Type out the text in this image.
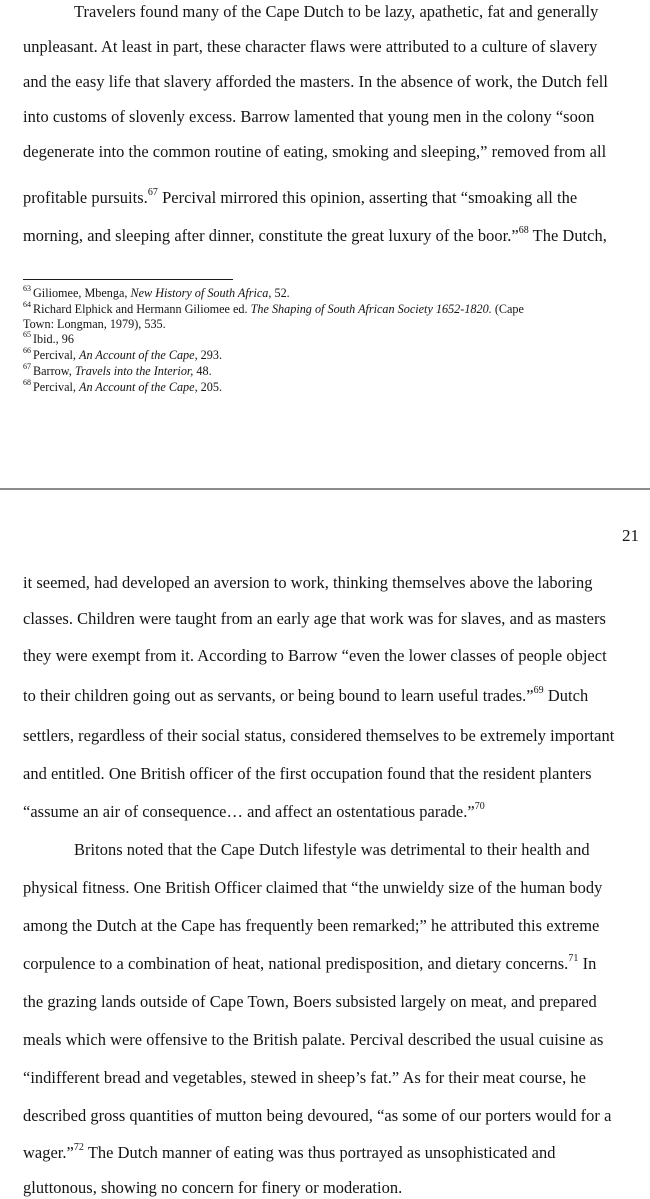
Travelers found many of the Cape Dutch to be lazy, apathetic, fat and generally
unpleasant. At least in part, these character flaws were attributed to a culture of slavery
and the easy life that slavery afforded the masters. In the absence of work, the Dutch fell
into customs of slovenly excess. Barrow lamented that young men in the colony “soon
degenerate into the common routine of eating, smoking and sleeping,” removed from all
profitable pursuits.$^{67}$ Percival mirrored this opinion, asserting that “smoaking all the
morning, and sleeping after dinner, constitute the great luxury of the boor.”$^{68}$ The Dutch,
$^{63}$ Giliomee, Mbenga, New History of South Africa, 52.
$^{64}$ Richard Elphick and Hermann Giliomee ed. The Shaping of South African Society 1652-1820. (Cape
Town: Longman, 1979), 535.
$^{65}$ Ibid., 96
$^{66}$ Percival, An Account of the Cape, 293.
$^{67}$ Barrow, Travels into the Interior, 48.
$^{68}$ Percival, An Account of the Cape, 205.
21
it seemed, had developed an aversion to work, thinking themselves above the laboring
classes. Children were taught from an early age that work was for slaves, and as masters
they were exempt from it. According to Barrow “even the lower classes of people object
to their children going out as servants, or being bound to learn useful trades.”$^{69}$ Dutch
settlers, regardless of their social status, considered themselves to be extremely important
and entitled. One British officer of the first occupation found that the resident planters
“assume an air of consequence… and affect an ostentatious parade.”$^{70}$
Britons noted that the Cape Dutch lifestyle was detrimental to their health and
physical fitness. One British Officer claimed that “the unwieldy size of the human body
among the Dutch at the Cape has frequently been remarked;” he attributed this extreme
corpulence to a combination of heat, national predisposition, and dietary concerns.$^{71}$ In
the grazing lands outside of Cape Town, Boers subsisted largely on meat, and prepared
meals which were offensive to the British palate. Percival described the usual cuisine as
“indifferent bread and vegetables, stewed in sheep’s fat.” As for their meat course, he
described gross quantities of mutton being devoured, “as some of our porters would for a
wager.”$^{72}$ The Dutch manner of eating was thus portrayed as unsophisticated and
gluttonous, showing no concern for finery or moderation.
